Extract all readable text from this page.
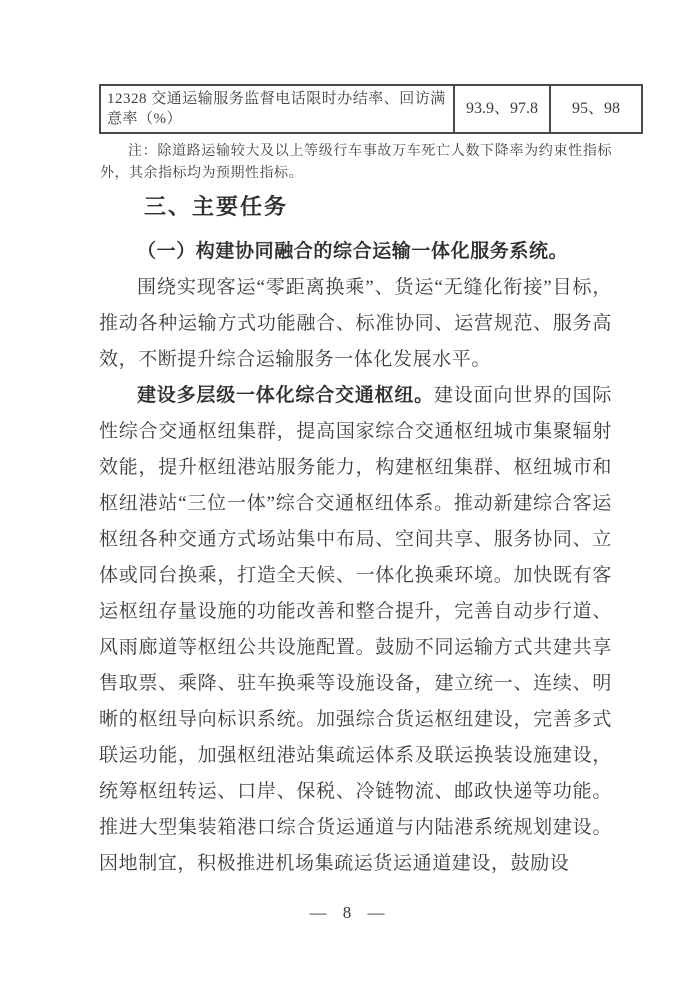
12328 交通运输服务监督电话限时办结率、回访满意率（%）	93.9、97.8	95、98
注：除道路运输较大及以上等级行车事故万车死亡人数下降率为约束性指标外，其余指标均为预期性指标。
三、主要任务

（一）构建协同融合的综合运输一体化服务系统。

围绕实现客运“零距离换乘”、货运“无缝化衔接”目标，推动各种运输方式功能融合、标准协同、运营规范、服务高效，不断提升综合运输服务一体化发展水平。

建设多层级一体化综合交通枢纽。建设面向世界的国际性综合交通枢纽集群，提高国家综合交通枢纽城市集聚辐射效能，提升枢纽港站服务能力，构建枢纽集群、枢纽城市和枢纽港站“三位一体”综合交通枢纽体系。推动新建综合客运枢纽各种交通方式场站集中布局、空间共享、服务协同、立体或同台换乘，打造全天候、一体化换乘环境。加快既有客运枢纽存量设施的功能改善和整合提升，完善自动步行道、风雨廊道等枢纽公共设施配置。鼓励不同运输方式共建共享售取票、乘降、驻车换乘等设施设备，建立统一、连续、明晰的枢纽导向标识系统。加强综合货运枢纽建设，完善多式联运功能，加强枢纽港站集疏运体系及联运换装设施建设，统筹枢纽转运、口岸、保税、冷链物流、邮政快递等功能。推进大型集装箱港口综合货运通道与内陆港系统规划建设。因地制宜，积极推进机场集疏运货运通道建设，鼓励设

— 8 —
